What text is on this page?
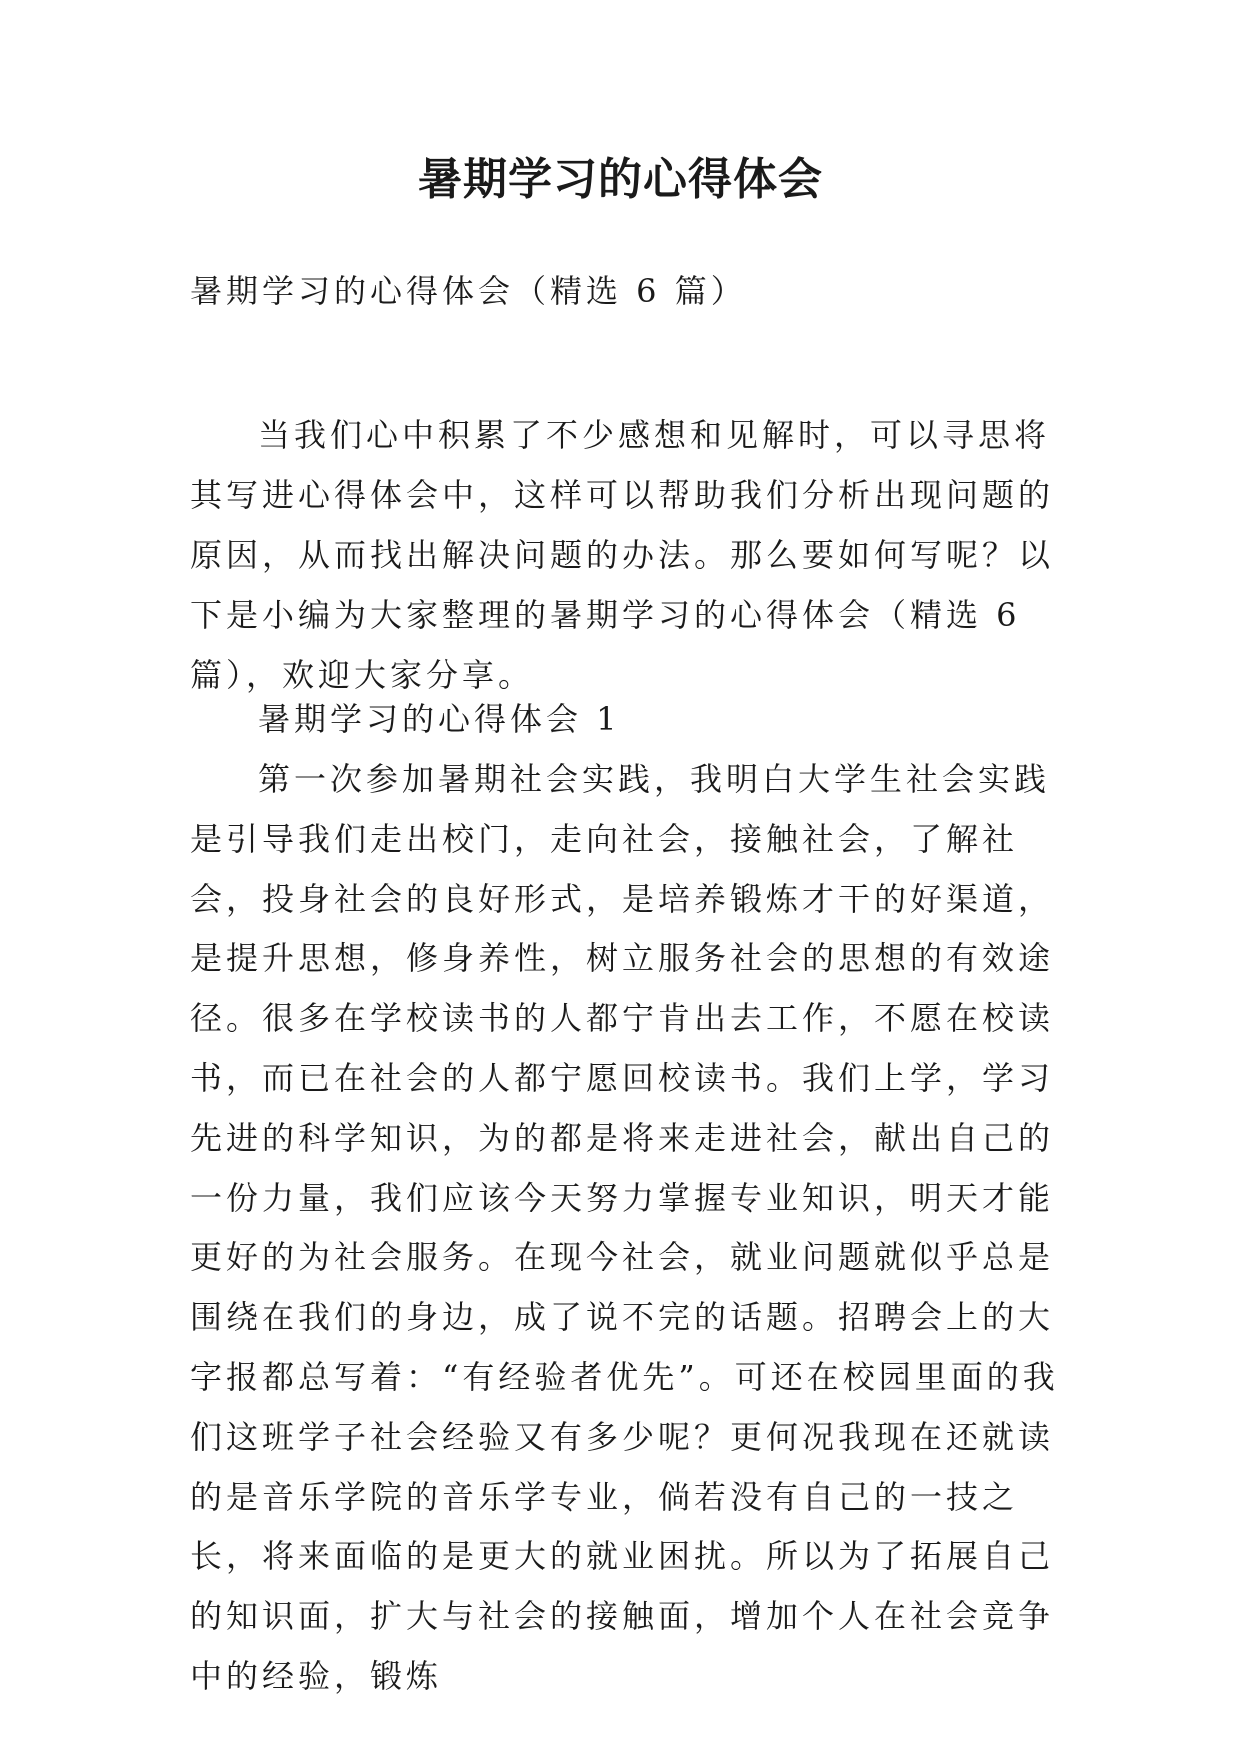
暑期学习的心得体会

暑期学习的心得体会（精选 6 篇）

当我们心中积累了不少感想和见解时，可以寻思将其写进心得体会中，这样可以帮助我们分析出现问题的原因，从而找出解决问题的办法。那么要如何写呢？以下是小编为大家整理的暑期学习的心得体会（精选 6 篇），欢迎大家分享。

暑期学习的心得体会 1

第一次参加暑期社会实践，我明白大学生社会实践是引导我们走出校门，走向社会，接触社会，了解社会，投身社会的良好形式，是培养锻炼才干的好渠道，是提升思想，修身养性，树立服务社会的思想的有效途径。很多在学校读书的人都宁肯出去工作，不愿在校读书，而已在社会的人都宁愿回校读书。我们上学，学习先进的科学知识，为的都是将来走进社会，献出自己的一份力量，我们应该今天努力掌握专业知识，明天才能更好的为社会服务。在现今社会，就业问题就似乎总是围绕在我们的身边，成了说不完的话题。招聘会上的大字报都总写着：“有经验者优先”。可还在校园里面的我们这班学子社会经验又有多少呢？更何况我现在还就读的是音乐学院的音乐学专业，倘若没有自己的一技之长，将来面临的是更大的就业困扰。所以为了拓展自己的知识面，扩大与社会的接触面，增加个人在社会竞争中的经验，锻炼
